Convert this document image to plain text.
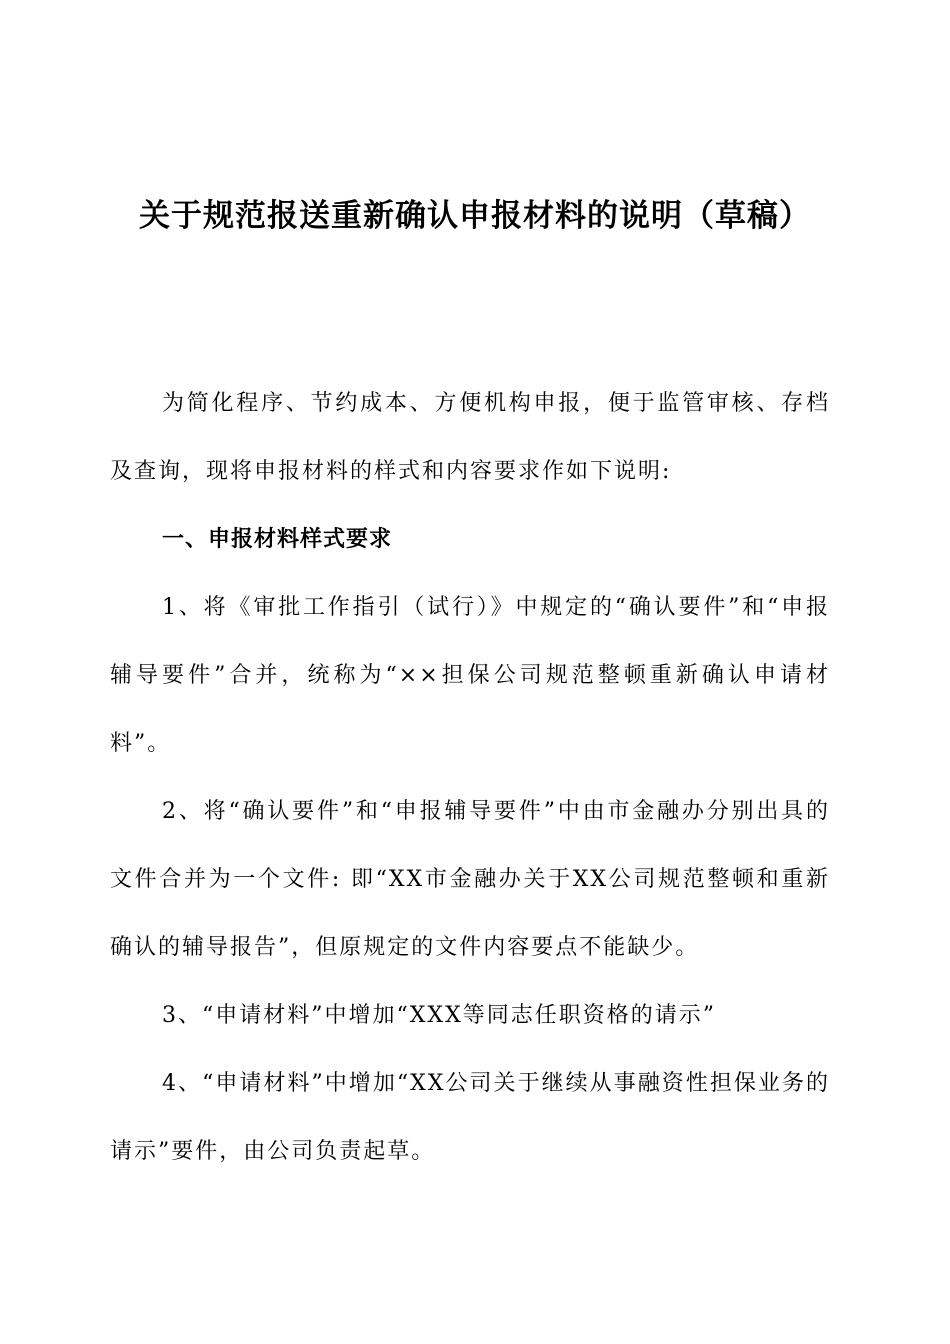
关于规范报送重新确认申报材料的说明（草稿）

为简化程序、节约成本、方便机构申报，便于监管审核、存档及查询，现将申报材料的样式和内容要求作如下说明:

一、申报材料样式要求

1、将《审批工作指引（试行）》中规定的“确认要件”和“申报辅导要件”合并，统称为“××担保公司规范整顿重新确认申请材料”。

2、将“确认要件”和“申报辅导要件”中由市金融办分别出具的文件合并为一个文件: 即“XX市金融办关于XX公司规范整顿和重新确认的辅导报告”，但原规定的文件内容要点不能缺少。

3、“申请材料”中增加“XXX等同志任职资格的请示”

4、“申请材料”中增加“XX公司关于继续从事融资性担保业务的请示”要件，由公司负责起草。
